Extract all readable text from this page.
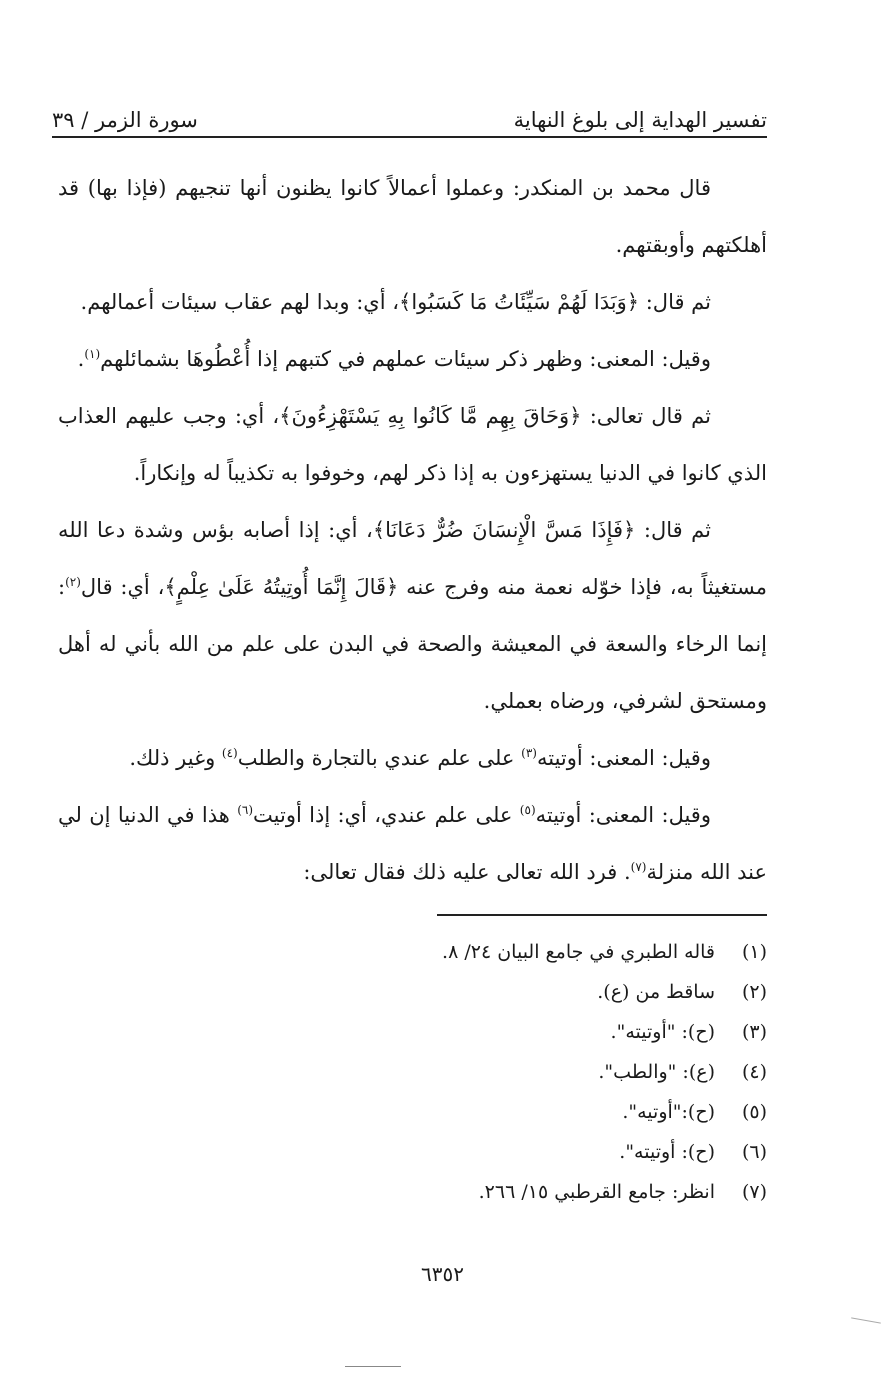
تفسير الهداية إلى بلوغ النهاية
سورة الزمر / ٣٩

قال محمد بن المنكدر: وعملوا أعمالاً كانوا يظنون أنها تنجيهم (فإذا بها) قد أهلكتهم وأوبقتهم.

ثم قال: ﴿وَبَدَا لَهُمْ سَيِّئَاتُ مَا كَسَبُوا﴾، أي: وبدا لهم عقاب سيئات أعمالهم.

وقيل: المعنى: وظهر ذكر سيئات عملهم في كتبهم إذا أُعْطُوهَا بشمائلهم$^{(١)}$.

ثم قال تعالى: ﴿وَحَاقَ بِهِم مَّا كَانُوا بِهِ يَسْتَهْزِءُونَ﴾، أي: وجب عليهم العذاب الذي كانوا في الدنيا يستهزءون به إذا ذكر لهم، وخوفوا به تكذيباً له وإنكاراً.

ثم قال: ﴿فَإِذَا مَسَّ الْإِنسَانَ ضُرٌّ دَعَانَا﴾، أي: إذا أصابه بؤس وشدة دعا الله مستغيثاً به، فإذا خوّله نعمة منه وفرج عنه ﴿قَالَ إِنَّمَا أُوتِيتُهُ عَلَىٰ عِلْمٍ﴾، أي: قال$^{(٢)}$: إنما الرخاء والسعة في المعيشة والصحة في البدن على علم من الله بأني له أهل ومستحق لشرفي، ورضاه بعملي.

وقيل: المعنى: أوتيته$^{(٣)}$ على علم عندي بالتجارة والطلب$^{(٤)}$ وغير ذلك.

وقيل: المعنى: أوتيته$^{(٥)}$ على علم عندي، أي: إذا أوتيت$^{(٦)}$ هذا في الدنيا إن لي عند الله منزلة$^{(٧)}$. فرد الله تعالى عليه ذلك فقال تعالى:

(١)
قاله الطبري في جامع البيان ٢٤/ ٨.
(٢)
ساقط من (ع).
(٣)
(ح): "أوتيته".
(٤)
(ع): "والطب".
(٥)
(ح):"أوتيه".
(٦)
(ح): أوتيته".
(٧)
انظر: جامع القرطبي ١٥/ ٢٦٦.
٦٣٥٢
